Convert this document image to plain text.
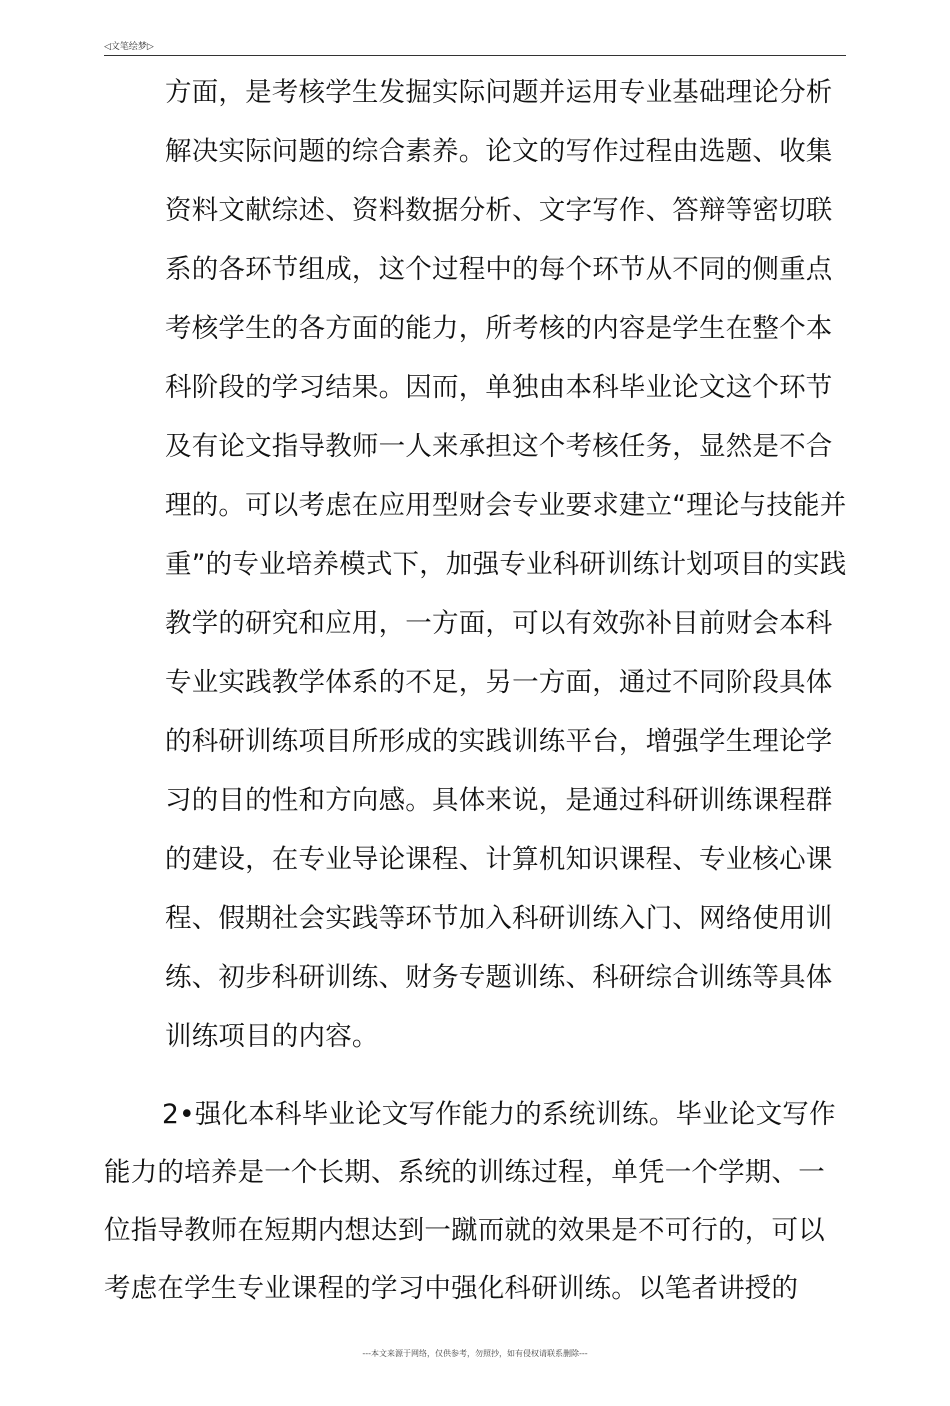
◁文笔绘梦▷
方面，是考核学生发掘实际问题并运用专业基础理论分析
解决实际问题的综合素养。论文的写作过程由选题、收集
资料文献综述、资料数据分析、文字写作、答辩等密切联
系的各环节组成，这个过程中的每个环节从不同的侧重点
考核学生的各方面的能力，所考核的内容是学生在整个本
科阶段的学习结果。因而，单独由本科毕业论文这个环节
及有论文指导教师一人来承担这个考核任务，显然是不合
理的。可以考虑在应用型财会专业要求建立“理论与技能并
重”的专业培养模式下，加强专业科研训练计划项目的实践
教学的研究和应用，一方面，可以有效弥补目前财会本科
专业实践教学体系的不足，另一方面，通过不同阶段具体
的科研训练项目所形成的实践训练平台，增强学生理论学
习的目的性和方向感。具体来说，是通过科研训练课程群
的建设，在专业导论课程、计算机知识课程、专业核心课
程、假期社会实践等环节加入科研训练入门、网络使用训
练、初步科研训练、财务专题训练、科研综合训练等具体
训练项目的内容。
2•强化本科毕业论文写作能力的系统训练。毕业论文写作
能力的培养是一个长期、系统的训练过程，单凭一个学期、一
位指导教师在短期内想达到一蹴而就的效果是不可行的，可以
考虑在学生专业课程的学习中强化科研训练。以笔者讲授的
---本文来源于网络，仅供参考，勿照抄，如有侵权请联系删除---
